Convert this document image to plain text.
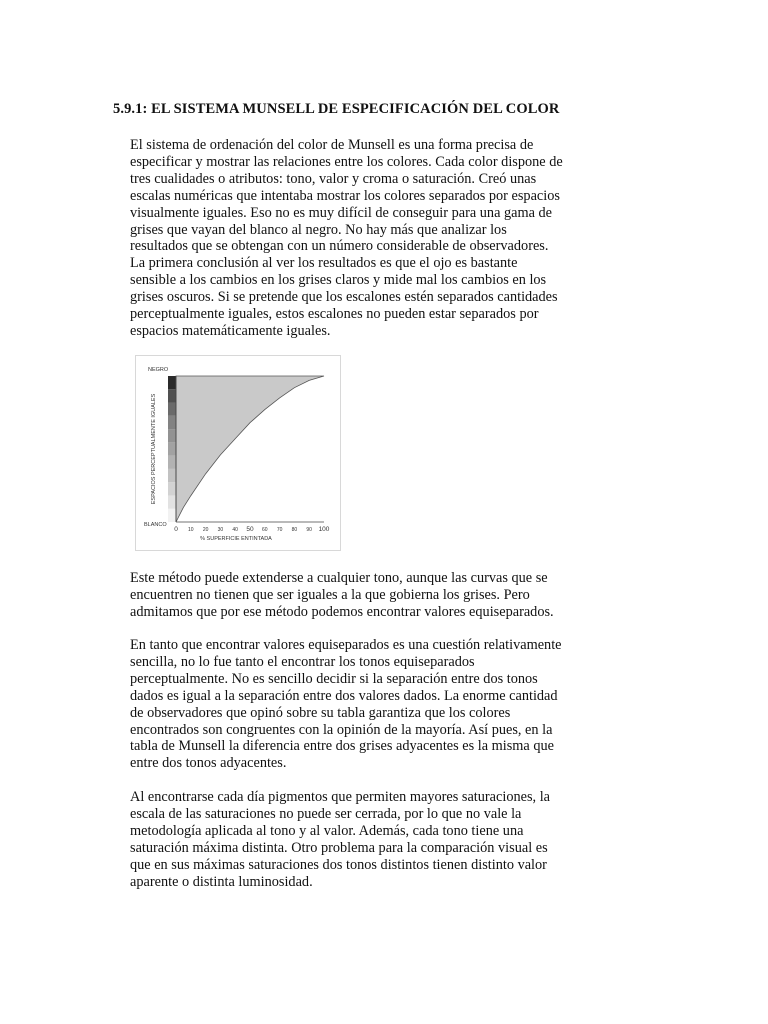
5.9.1: EL SISTEMA MUNSELL DE ESPECIFICACIÓN DEL COLOR
El sistema de ordenación del color de Munsell es una forma precisa de
especificar y mostrar las relaciones entre los colores. Cada color dispone de
tres cualidades o atributos: tono, valor y croma o saturación. Creó unas
escalas numéricas que intentaba mostrar los colores separados por espacios
visualmente iguales. Eso no es muy difícil de conseguir para una gama de
grises que vayan del blanco al negro. No hay más que analizar los
resultados que se obtengan con un número considerable de observadores.
La primera conclusión al ver los resultados es que el ojo es bastante
sensible a los cambios en los grises claros y mide mal los cambios en los
grises oscuros. Si se pretende que los escalones estén separados cantidades
perceptualmente iguales, estos escalones no pueden estar separados por
espacios matemáticamente iguales.
NEGRO
BLANCO
ESPACIOS PERCEPTUALMENTE IGUALES
0 10 20 30 40 50 60 70 80 90 100
% SUPERFICIE ENTINTADA
Este método puede extenderse a cualquier tono, aunque las curvas que se
encuentren no tienen que ser iguales a la que gobierna los grises. Pero
admitamos que por ese método podemos encontrar valores equiseparados.
En tanto que encontrar valores equiseparados es una cuestión relativamente
sencilla, no lo fue tanto el encontrar los tonos equiseparados
perceptualmente. No es sencillo decidir si la separación entre dos tonos
dados es igual a la separación entre dos valores dados. La enorme cantidad
de observadores que opinó sobre su tabla garantiza que los colores
encontrados son congruentes con la opinión de la mayoría. Así pues, en la
tabla de Munsell la diferencia entre dos grises adyacentes es la misma que
entre dos tonos adyacentes.
Al encontrarse cada día pigmentos que permiten mayores saturaciones, la
escala de las saturaciones no puede ser cerrada, por lo que no vale la
metodología aplicada al tono y al valor. Además, cada tono tiene una
saturación máxima distinta. Otro problema para la comparación visual es
que en sus máximas saturaciones dos tonos distintos tienen distinto valor
aparente o distinta luminosidad.
